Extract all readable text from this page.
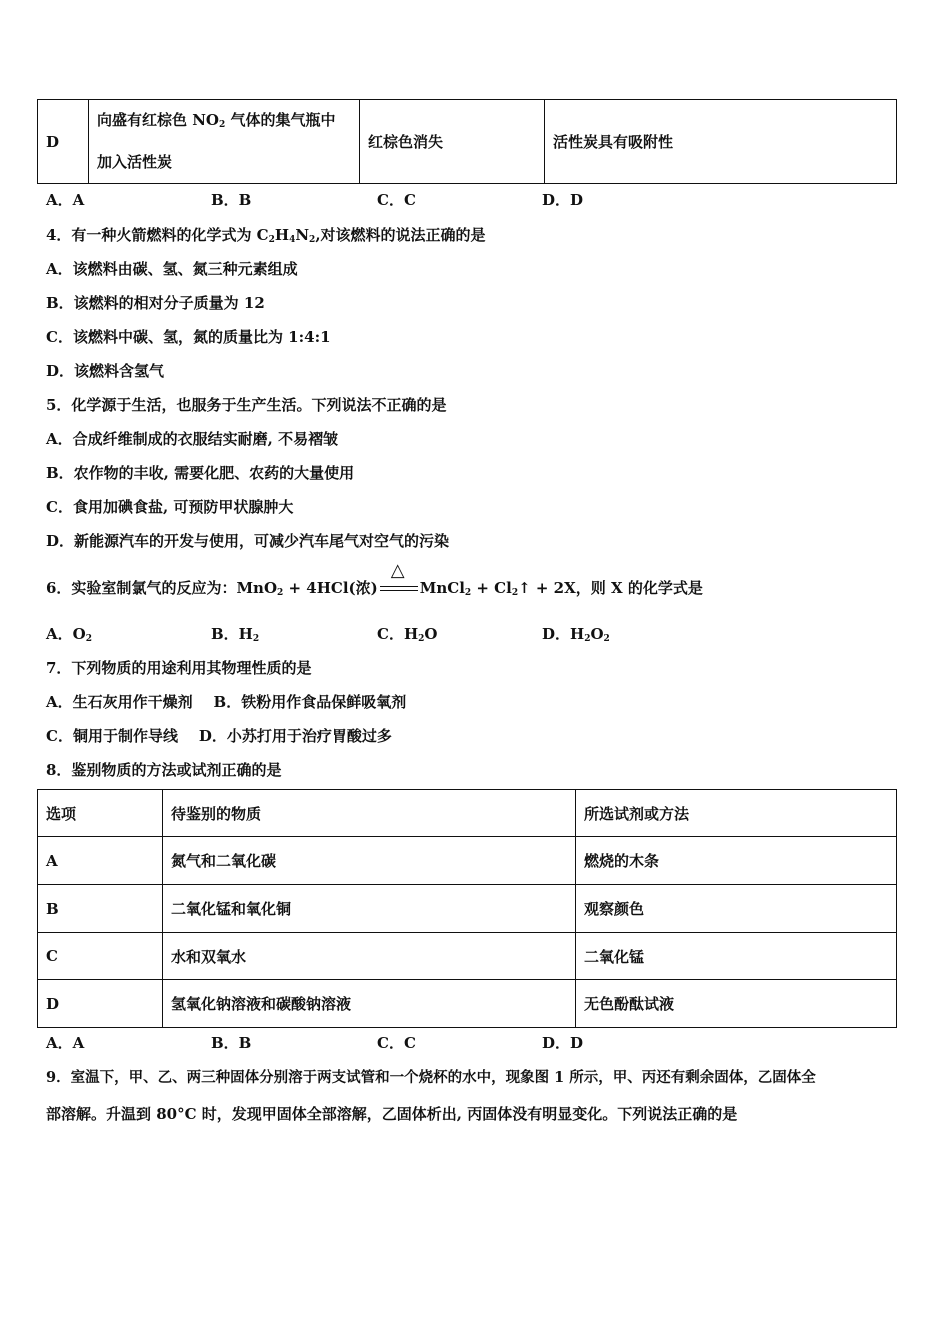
D	向盛有红棕色 $NO_2$ 气体的集气瓶中
加入活性炭	红棕色消失	活性炭具有吸附性
A．A	B．B	C．C	D．D
4．有一种火箭燃料的化学式为 $C_2H_4N_2$,对该燃料的说法正确的是
A．该燃料由碳、氢、氮三种元素组成
B．该燃料的相对分子质量为 12
C．该燃料中碳、氢，氮的质量比为 1:4:1
D．该燃料含氢气
5．化学源于生活，也服务于生产生活。下列说法不正确的是
A．合成纤维制成的衣服结实耐磨, 不易褶皱
B．农作物的丰收, 需要化肥、农药的大量使用
C．食用加碘食盐, 可预防甲状腺肿大
D．新能源汽车的开发与使用，可减少汽车尾气对空气的污染
6．实验室制氯气的反应为：MnO$_2$ + 4HCl(浓)
△
MnCl$_2$ + $Cl_2↑ + 2X$，则 X 的化学式是
A．$O_2$	B．$H_2$	C．$H_2O$	D．$H_2O_2$
7．下列物质的用途利用其物理性质的是
A．生石灰用作干燥剂    B．铁粉用作食品保鲜吸氧剂
C．铜用于制作导线    D．小苏打用于治疗胃酸过多
8．鉴别物质的方法或试剂正确的是
选项	待鉴别的物质	所选试剂或方法
A	氮气和二氧化碳	燃烧的木条
B	二氧化锰和氧化铜	观察颜色
C	水和双氧水	二氧化锰
D	氢氧化钠溶液和碳酸钠溶液	无色酚酞试液
A．A	B．B	C．C	D．D
9．室温下，甲、乙、两三种固体分别溶于两支试管和一个烧杯的水中，现象图 1 所示，甲、丙还有剩余固体，乙固体全
部溶解。升温到 80°C 时，发现甲固体全部溶解，乙固体析出, 丙固体没有明显变化。下列说法正确的是
